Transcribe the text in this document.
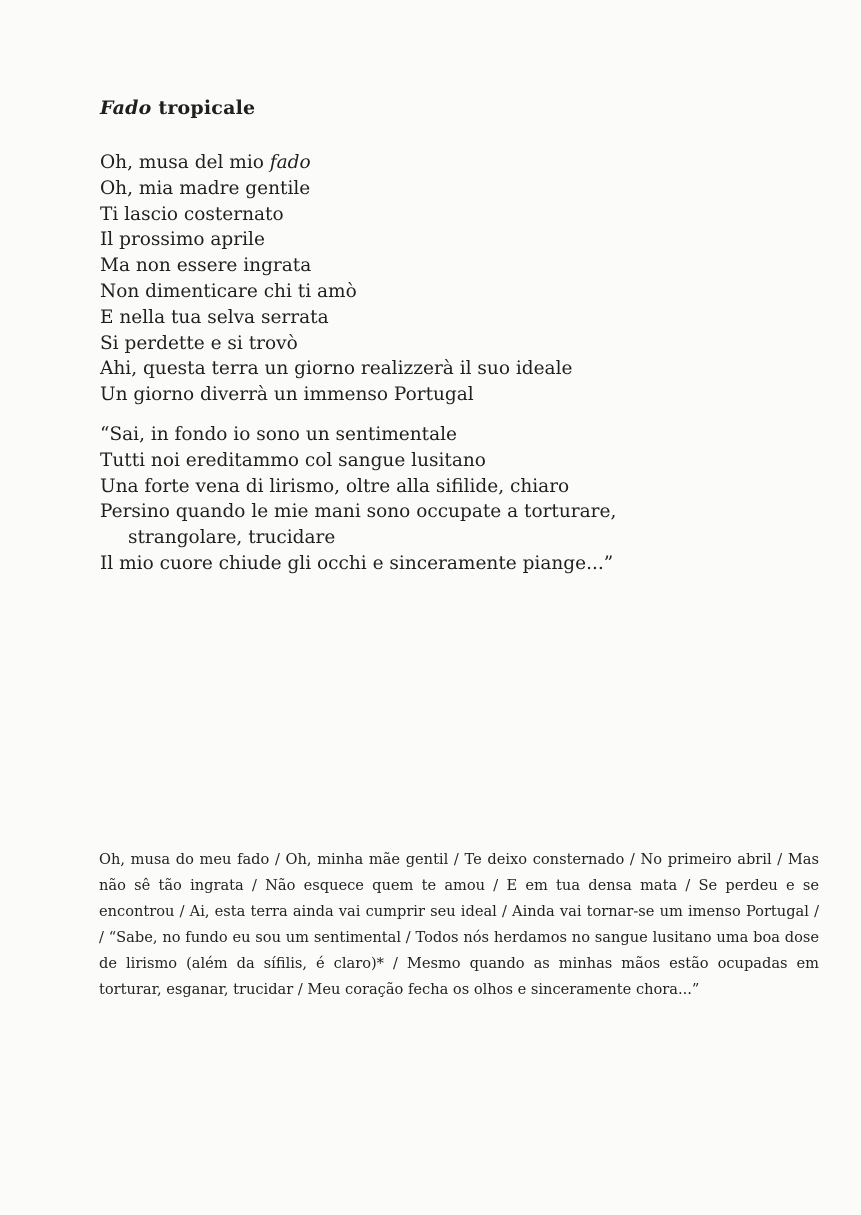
Fado tropicale
Oh, musa del mio fado
Oh, mia madre gentile
Ti lascio costernato
Il prossimo aprile
Ma non essere ingrata
Non dimenticare chi ti amò
E nella tua selva serrata
Si perdette e si trovò
Ahi, questa terra un giorno realizzerà il suo ideale
Un giorno diverrà un immenso Portugal
“Sai, in fondo io sono un sentimentale
Tutti noi ereditammo col sangue lusitano
Una forte vena di lirismo, oltre alla sifilide, chiaro
Persino quando le mie mani sono occupate a torturare,
strangolare, trucidare
Il mio cuore chiude gli occhi e sinceramente piange...”
Oh, musa do meu fado / Oh, minha mãe gentil / Te deixo consternado / No primeiro abril / Mas não sê tão ingrata / Não esquece quem te amou / E em tua densa mata / Se perdeu e se encontrou / Ai, esta terra ainda vai cumprir seu ideal / Ainda vai tornar-se um imenso Portugal / / “Sabe, no fundo eu sou um sentimental / Todos nós herdamos no sangue lusitano uma boa dose de lirismo (além da sífilis, é claro)* / Mesmo quando as minhas mãos estão ocupadas em torturar, esganar, trucidar / Meu coração fecha os olhos e sinceramente chora...”
